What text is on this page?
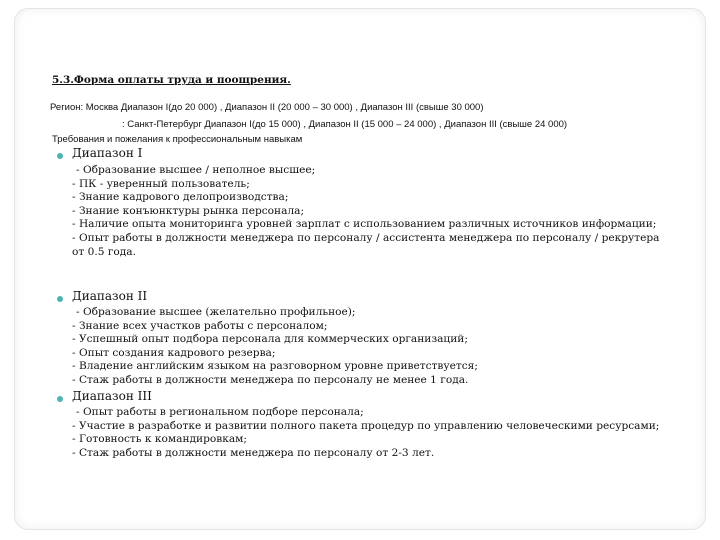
5.3.Форма оплаты труда и поощрения.
Регион: Москва Диапазон I(до 20 000) , Диапазон II (20 000 – 30 000) , Диапазон III (свыше 30 000)
: Санкт-Петербург Диапазон I(до 15 000) , Диапазон II (15 000 – 24 000) , Диапазон III (свыше 24 000)
Требования и пожелания к профессиональным навыкам
Диапазон I
- Образование высшее / неполное высшее;
- ПК - уверенный пользователь;
- Знание кадрового делопроизводства;
- Знание конъюнктуры рынка персонала;
- Наличие опыта мониторинга уровней зарплат с использованием различных источников информации;
- Опыт работы в должности менеджера по персоналу / ассистента менеджера по персоналу / рекрутера от 0.5 года.
Диапазон II
- Образование высшее (желательно профильное);
- Знание всех участков работы с персоналом;
- Успешный опыт подбора персонала для коммерческих организаций;
- Опыт создания кадрового резерва;
- Владение английским языком на разговорном уровне приветствуется;
- Стаж работы в должности менеджера по персоналу не менее 1 года.
Диапазон III
- Опыт работы в региональном подборе персонала;
- Участие в разработке и развитии полного пакета процедур по управлению человеческими ресурсами;
- Готовность к командировкам;
- Стаж работы в должности менеджера по персоналу от 2-3 лет.
